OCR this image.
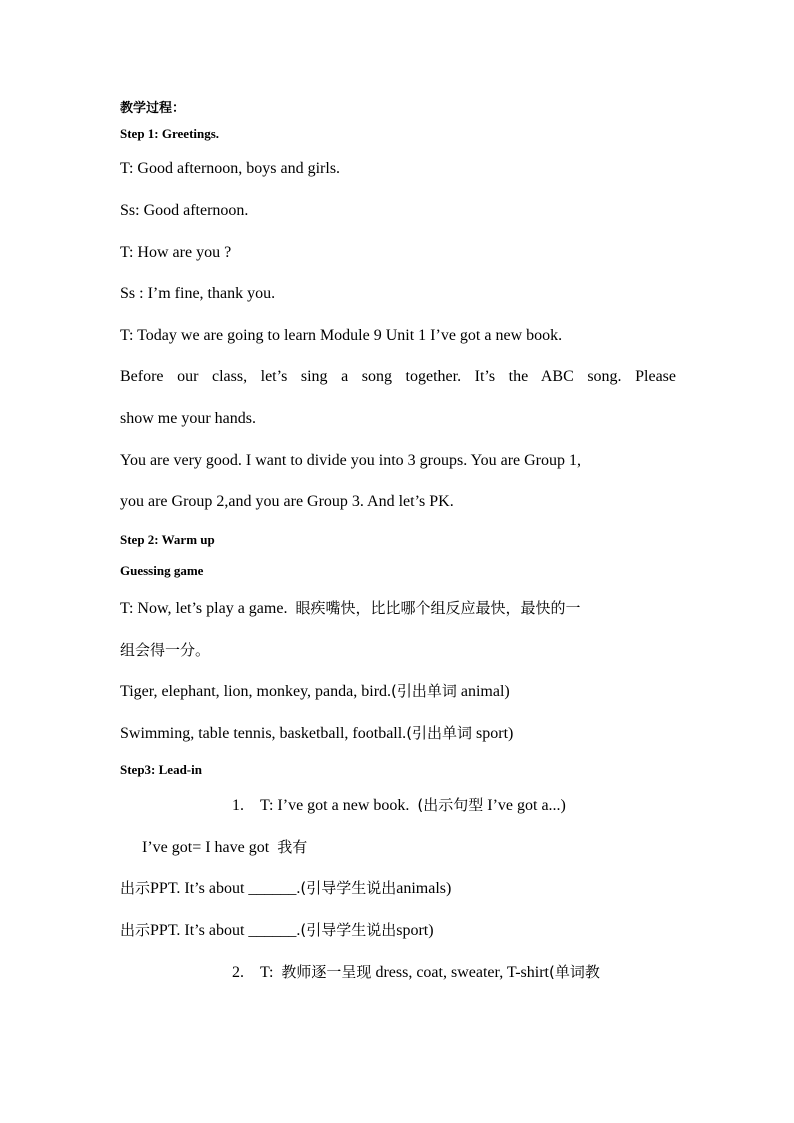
教学过程：
Step 1: Greetings.
T: Good afternoon, boys and girls.
Ss: Good afternoon.
T: How are you ?
Ss : I’m fine, thank you.
T: Today we are going to learn Module 9 Unit 1 I’ve got a new book.
Before our class, let’s sing a song together. It’s the ABC song. Please
show me your hands.
You are very good. I want to divide you into 3 groups. You are Group 1,
you are Group 2,and you are Group 3. And let’s PK.
Step 2: Warm up
Guessing game
T: Now, let’s play a game. 眼疾嘴快，比比哪个组反应最快，最快的一
组会得一分。
Tiger, elephant, lion, monkey, panda, bird.(引出单词 animal)
Swimming, table tennis, basketball, football.(引出单词 sport)
Step3: Lead-in
1. T: I’ve got a new book. (出示句型 I’ve got a...)
I’ve got= I have got 我有
出示PPT. It’s about ______.(引导学生说出animals)
出示PPT. It’s about ______.(引导学生说出sport)
2. T: 教师逐一呈现 dress, coat, sweater, T-shirt(单词教
